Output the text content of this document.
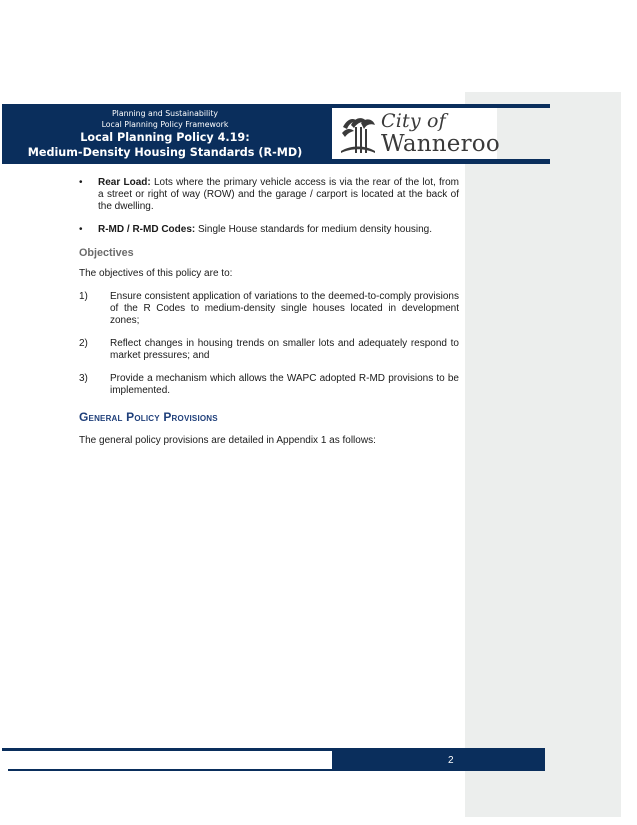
Planning and Sustainability
Local Planning Policy Framework
Local Planning Policy 4.19:
Medium-Density Housing Standards (R-MD)
City of
Wanneroo
• Rear Load: Lots where the primary vehicle access is via the rear of the lot, from a street or right of way (ROW) and the garage / carport is located at the back of the dwelling.
• R-MD / R-MD Codes: Single House standards for medium density housing.
Objectives
The objectives of this policy are to:
1) Ensure consistent application of variations to the deemed-to-comply provisions of the R Codes to medium-density single houses located in development zones;
2) Reflect changes in housing trends on smaller lots and adequately respond to market pressures; and
3) Provide a mechanism which allows the WAPC adopted R-MD provisions to be implemented.
General Policy Provisions
The general policy provisions are detailed in Appendix 1 as follows:
2
